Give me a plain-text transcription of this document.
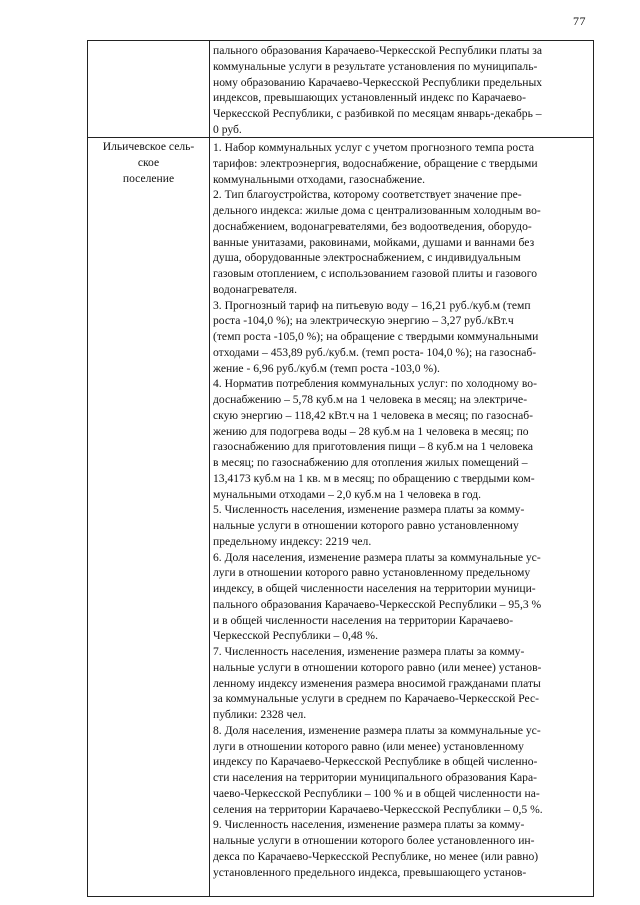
77
пального образования Карачаево-Черкесской Республики платы за
коммунальные услуги в результате установления по муниципаль-
ному образованию Карачаево-Черкесской Республики предельных
индексов, превышающих установленный индекс по Карачаево-
Черкесской Республики, с разбивкой по месяцам январь-декабрь –
0 руб.
Ильичевское сель-
ское
поселение
1. Набор коммунальных услуг с учетом прогнозного темпа роста
тарифов: электроэнергия, водоснабжение, обращение с твердыми
коммунальными отходами, газоснабжение.
2. Тип благоустройства, которому соответствует значение пре-
дельного индекса: жилые дома с централизованным холодным во-
доснабжением, водонагревателями, без водоотведения, оборудо-
ванные унитазами, раковинами, мойками, душами и ваннами без
душа, оборудованные электроснабжением, с индивидуальным
газовым отоплением, с использованием газовой плиты и газового
водонагревателя.
3. Прогнозный тариф на питьевую воду – 16,21 руб./куб.м (темп
роста -104,0 %); на электрическую энергию – 3,27 руб./кВт.ч
(темп роста -105,0 %); на обращение с твердыми коммунальными
отходами – 453,89 руб./куб.м. (темп роста- 104,0 %); на газоснаб-
жение - 6,96 руб./куб.м (темп роста -103,0 %).
4. Норматив потребления коммунальных услуг: по холодному во-
доснабжению – 5,78 куб.м на 1 человека в месяц; на электриче-
скую энергию – 118,42 кВт.ч на 1 человека в месяц; по газоснаб-
жению для подогрева воды – 28 куб.м на 1 человека в месяц; по
газоснабжению для приготовления пищи – 8 куб.м на 1 человека
в месяц; по газоснабжению для отопления жилых помещений –
13,4173 куб.м на 1 кв. м в месяц; по обращению с твердыми ком-
мунальными отходами – 2,0 куб.м на 1 человека в год.
5. Численность населения, изменение размера платы за комму-
нальные услуги в отношении которого равно установленному
предельному индексу: 2219 чел.
6. Доля населения, изменение размера платы за коммунальные ус-
луги в отношении которого равно установленному предельному
индексу, в общей численности населения на территории муници-
пального образования Карачаево-Черкесской Республики – 95,3 %
и в общей численности населения на территории Карачаево-
Черкесской Республики – 0,48 %.
7. Численность населения, изменение размера платы за комму-
нальные услуги в отношении которого равно (или менее) установ-
ленному индексу изменения размера вносимой гражданами платы
за коммунальные услуги в среднем по Карачаево-Черкесской Рес-
публики: 2328 чел.
8. Доля населения, изменение размера платы за коммунальные ус-
луги в отношении которого равно (или менее) установленному
индексу по Карачаево-Черкесской Республике в общей численно-
сти населения на территории муниципального образования Кара-
чаево-Черкесской Республики – 100 % и в общей численности на-
селения на территории Карачаево-Черкесской Республики – 0,5 %.
9. Численность населения, изменение размера платы за комму-
нальные услуги в отношении которого более установленного ин-
декса по Карачаево-Черкесской Республике, но менее (или равно)
установленного предельного индекса, превышающего установ-
